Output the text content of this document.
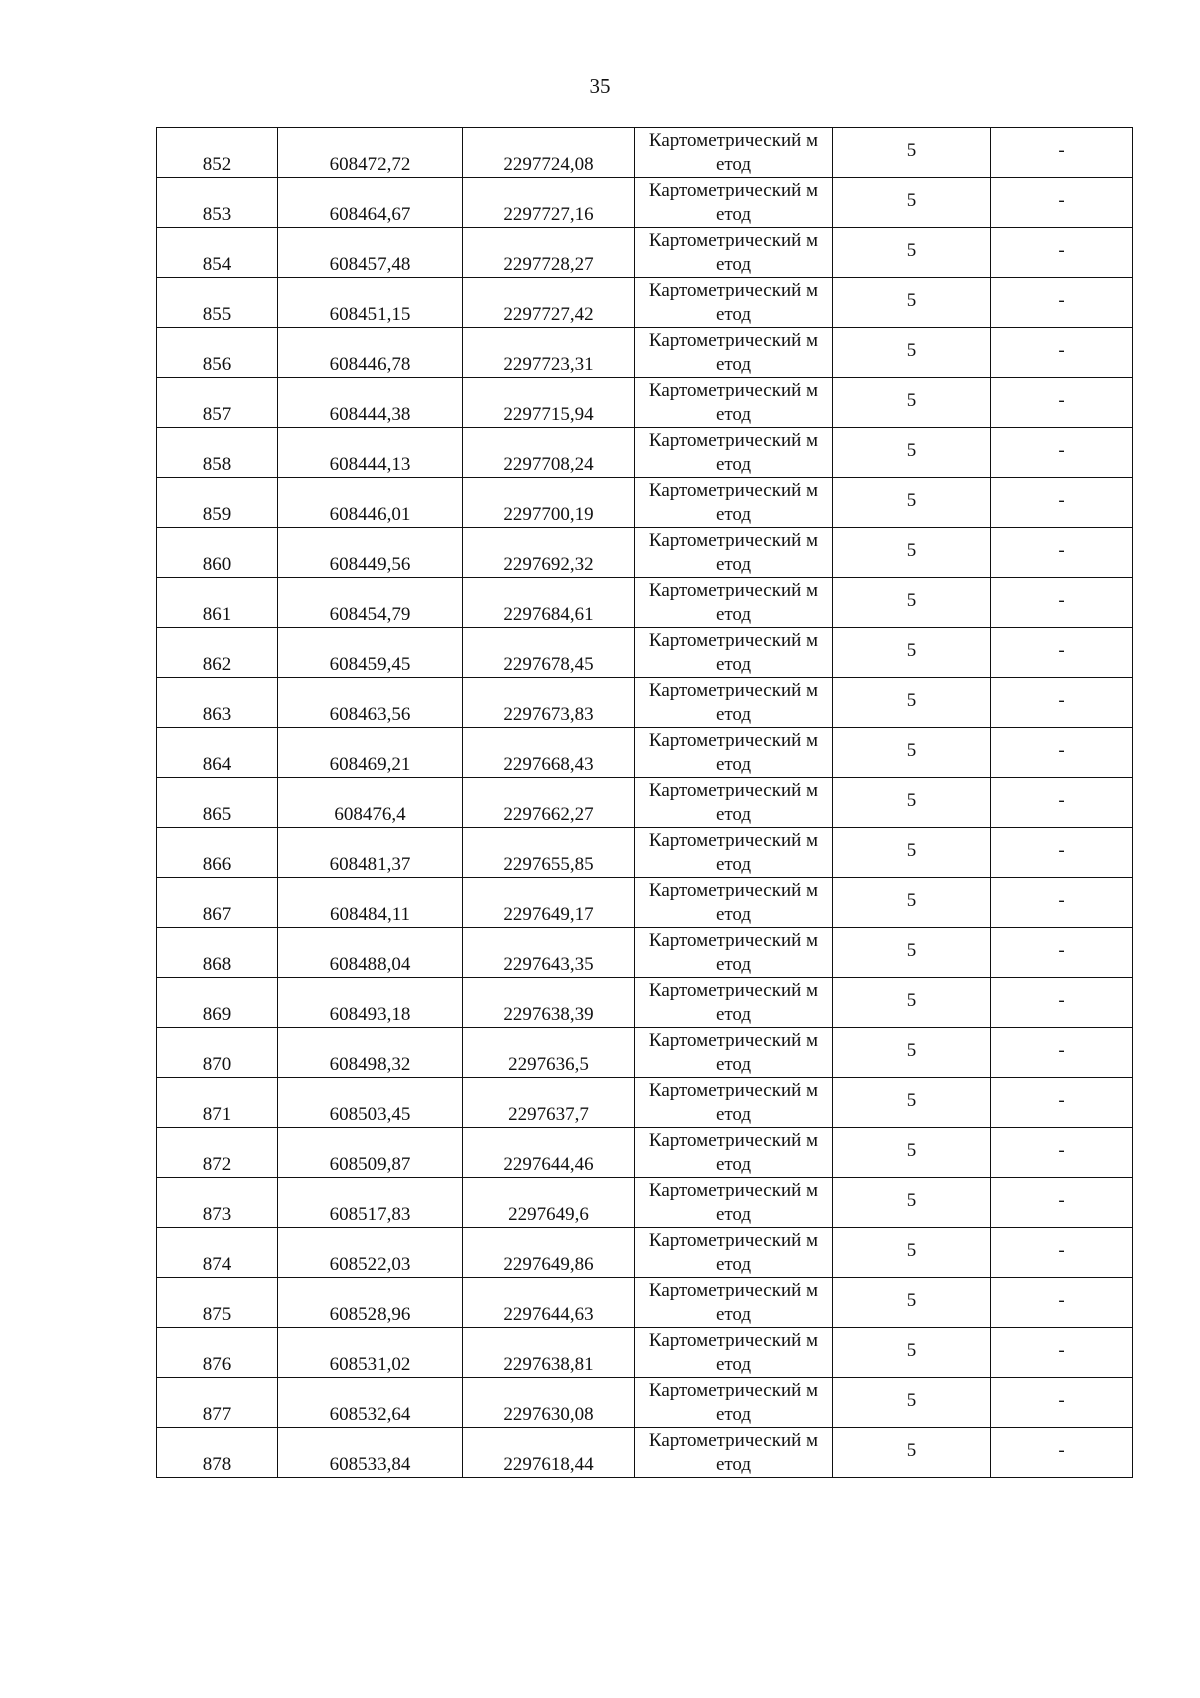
35
852	608472,72	2297724,08	Картометрический метод	5	-
853	608464,67	2297727,16	Картометрический метод	5	-
854	608457,48	2297728,27	Картометрический метод	5	-
855	608451,15	2297727,42	Картометрический метод	5	-
856	608446,78	2297723,31	Картометрический метод	5	-
857	608444,38	2297715,94	Картометрический метод	5	-
858	608444,13	2297708,24	Картометрический метод	5	-
859	608446,01	2297700,19	Картометрический метод	5	-
860	608449,56	2297692,32	Картометрический метод	5	-
861	608454,79	2297684,61	Картометрический метод	5	-
862	608459,45	2297678,45	Картометрический метод	5	-
863	608463,56	2297673,83	Картометрический метод	5	-
864	608469,21	2297668,43	Картометрический метод	5	-
865	608476,4	2297662,27	Картометрический метод	5	-
866	608481,37	2297655,85	Картометрический метод	5	-
867	608484,11	2297649,17	Картометрический метод	5	-
868	608488,04	2297643,35	Картометрический метод	5	-
869	608493,18	2297638,39	Картометрический метод	5	-
870	608498,32	2297636,5	Картометрический метод	5	-
871	608503,45	2297637,7	Картометрический метод	5	-
872	608509,87	2297644,46	Картометрический метод	5	-
873	608517,83	2297649,6	Картометрический метод	5	-
874	608522,03	2297649,86	Картометрический метод	5	-
875	608528,96	2297644,63	Картометрический метод	5	-
876	608531,02	2297638,81	Картометрический метод	5	-
877	608532,64	2297630,08	Картометрический метод	5	-
878	608533,84	2297618,44	Картометрический метод	5	-
